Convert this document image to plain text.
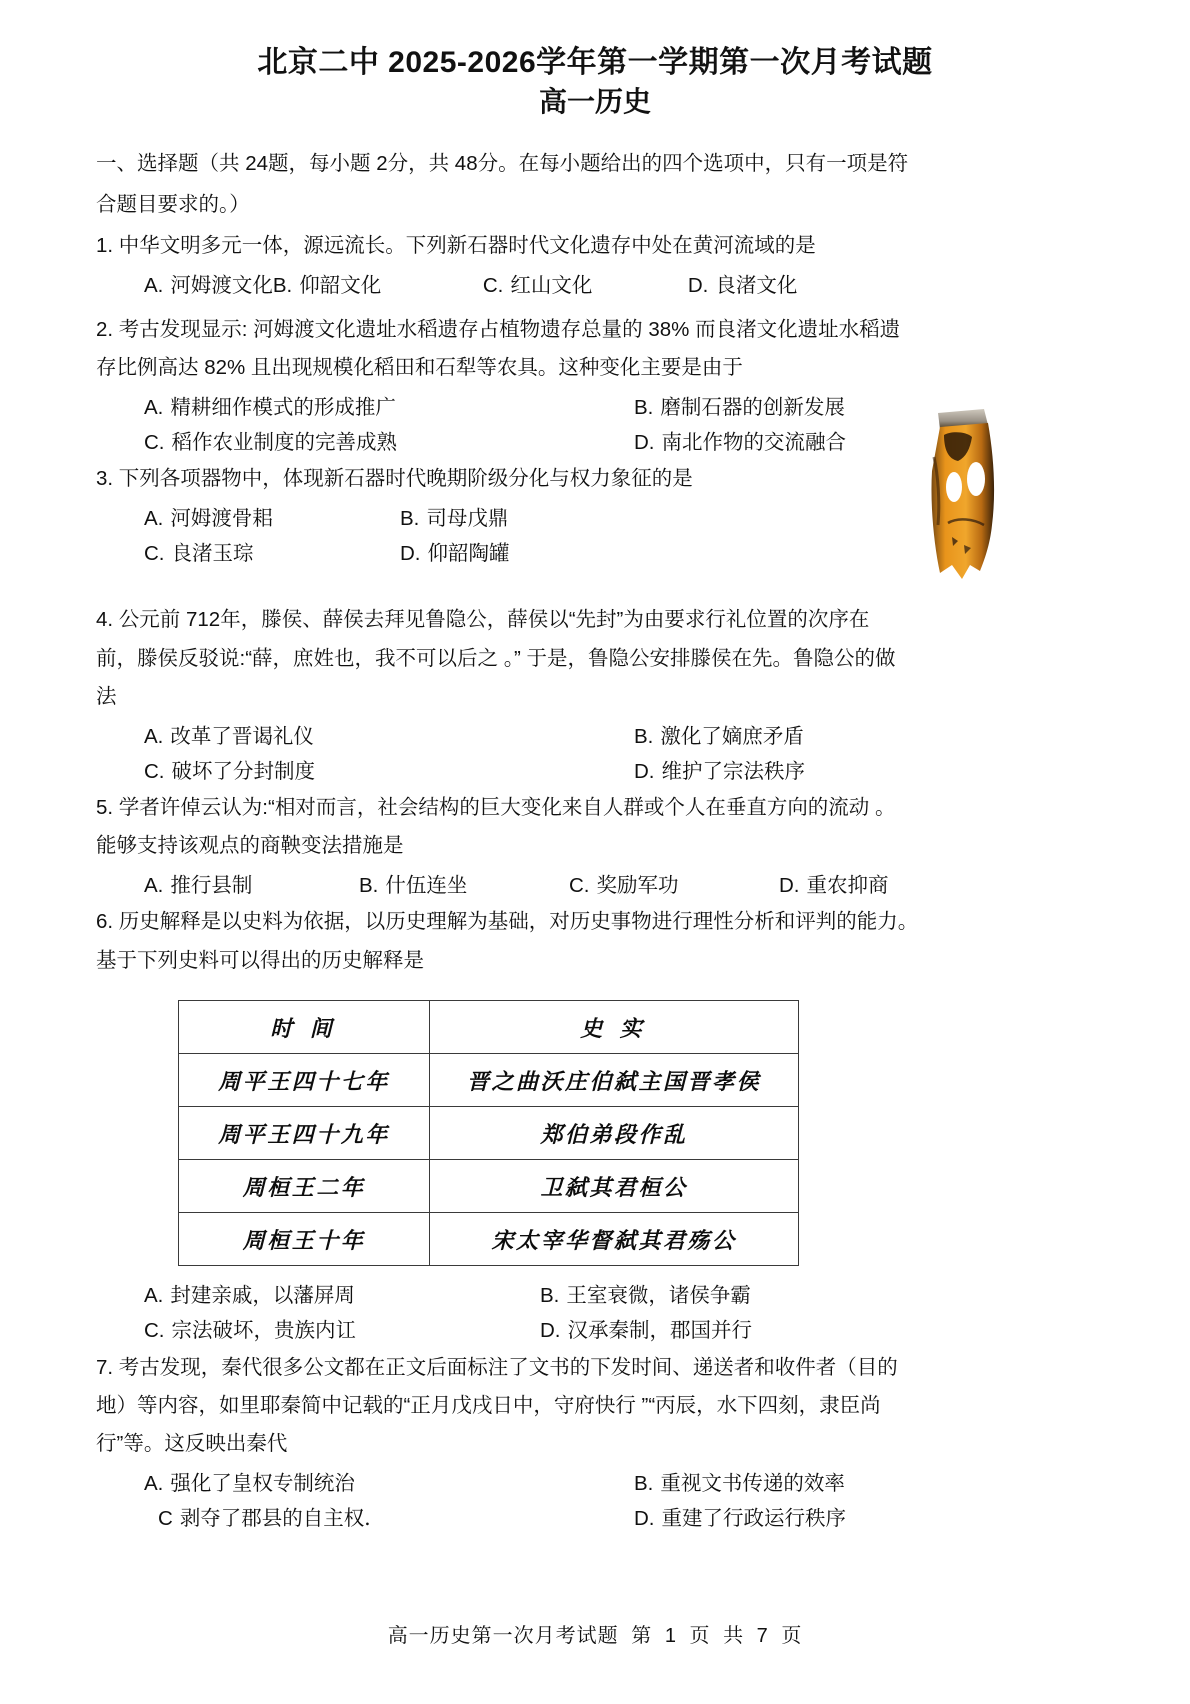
北京二中 2025-2026学年第一学期第一次月考试题
高一历史
一、选择题（共 24题，每小题 2分，共 48分。在每小题给出的四个选项中，只有一项是符
合题目要求的。）
1. 中华文明多元一体，源远流长。下列新石器时代文化遗存中处在黄河流域的是
A. 河姆渡文化 B. 仰韶文化	C. 红山文化	D. 良渚文化
2. 考古发现显示: 河姆渡文化遗址水稻遗存占植物遗存总量的 38% 而良渚文化遗址水稻遗
存比例高达 82% 且出现规模化稻田和石犁等农具。这种变化主要是由于
A. 精耕细作模式的形成推广	B. 磨制石器的创新发展
C. 稻作农业制度的完善成熟	D. 南北作物的交流融合
3. 下列各项器物中，体现新石器时代晚期阶级分化与权力象征的是
A. 河姆渡骨耜	B. 司母戊鼎
C. 良渚玉琮	D. 仰韶陶罐
4. 公元前 712年，滕侯、薛侯去拜见鲁隐公，薛侯以“先封”为由要求行礼位置的次序在
前，滕侯反驳说:“薛，庶姓也，我不可以后之 。” 于是，鲁隐公安排滕侯在先。鲁隐公的做
法
A. 改革了晋谒礼仪	B. 激化了嫡庶矛盾
C. 破坏了分封制度	D. 维护了宗法秩序
5. 学者许倬云认为:“相对而言，社会结构的巨大变化来自人群或个人在垂直方向的流动 。
能够支持该观点的商鞅变法措施是
A. 推行县制	B. 什伍连坐	C. 奖励军功	D. 重农抑商
6. 历史解释是以史料为依据，以历史理解为基础，对历史事物进行理性分析和评判的能力。
基于下列史料可以得出的历史解释是
时 间	史 实
周平王四十七年	晋之曲沃庄伯弑主国晋孝侯
周平王四十九年	郑伯弟段作乱
周桓王二年	卫弑其君桓公
周桓王十年	宋太宰华督弑其君殇公
A. 封建亲戚，以藩屏周	B. 王室衰微，诸侯争霸
C. 宗法破坏，贵族内讧	D. 汉承秦制，郡国并行
7. 考古发现，秦代很多公文都在正文后面标注了文书的下发时间、递送者和收件者（目的
地）等内容，如里耶秦简中记载的“正月戊戌日中，守府快行 ”“丙辰，水下四刻，隶臣尚
行”等。这反映出秦代
A. 强化了皇权专制统治	B. 重视文书传递的效率
C 剥夺了郡县的自主权．	D. 重建了行政运行秩序
高一历史第一次月考试题 第 1 页 共 7 页
